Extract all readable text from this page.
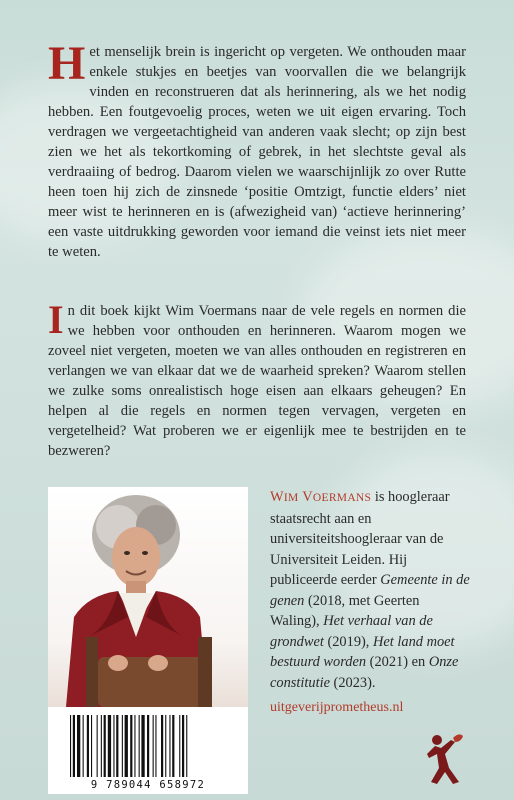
Het menselijk brein is ingericht op vergeten. We onthouden maar enkele stukjes en beetjes van voorvallen die we belangrijk vinden en reconstrueren dat als herinnering, als we het nodig hebben. Een foutgevoelig proces, weten we uit eigen ervaring. Toch verdragen we vergeetachtigheid van anderen vaak slecht; op zijn best zien we het als tekortkoming of gebrek, in het slechtste geval als verdraaiing of bedrog. Daarom vielen we waarschijnlijk zo over Rutte heen toen hij zich de zinsnede ‘positie Omtzigt, functie elders’ niet meer wist te herinneren en is (afwezigheid van) ‘actieve herinnering’ een vaste uitdrukking geworden voor iemand die veinst iets niet meer te weten.

In dit boek kijkt Wim Voermans naar de vele regels en normen die we hebben voor onthouden en herinneren. Waarom mogen we zoveel niet vergeten, moeten we van alles onthouden en registreren en verlangen we van elkaar dat we de waarheid spreken? Waarom stellen we zulke soms onrealistisch hoge eisen aan elkaars geheugen? En helpen al die regels en normen tegen vervagen, vergeten en vergetelheid? Wat proberen we er eigenlijk mee te bestrijden en te bezweren?

9 789044 658972

WIM VOERMANS is hoogleraar staatsrecht aan en universiteitshoogleraar van de Universiteit Leiden. Hij publiceerde eerder Gemeente in de genen (2018, met Geerten Waling), Het verhaal van de grondwet (2019), Het land moet bestuurd worden (2021) en Onze constitutie (2023).

uitgeverijprometheus.nl
